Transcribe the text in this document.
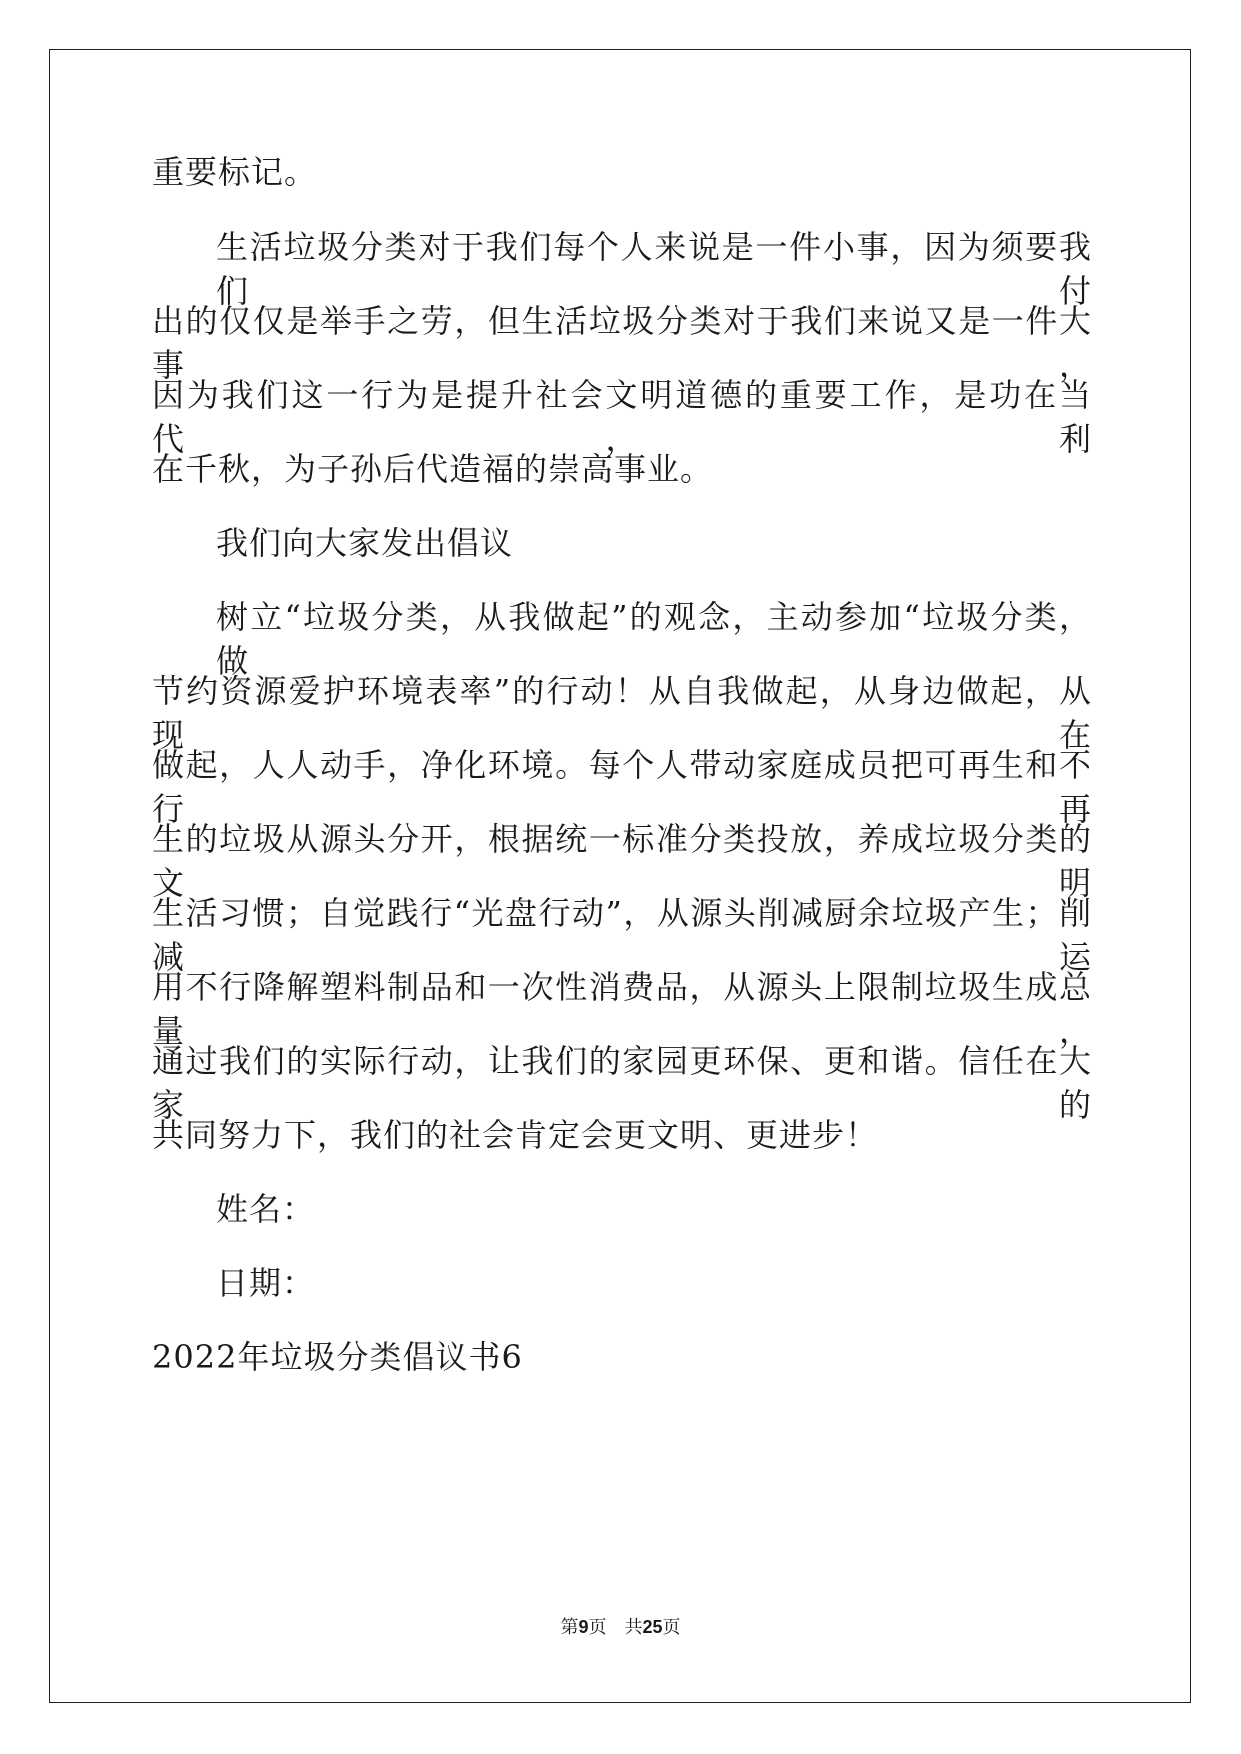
重要标记。
生活垃圾分类对于我们每个人来说是一件小事，因为须要我们付
出的仅仅是举手之劳，但生活垃圾分类对于我们来说又是一件大事，
因为我们这一行为是提升社会文明道德的重要工作，是功在当代，利
在千秋，为子孙后代造福的崇高事业。
我们向大家发出倡议
树立“垃圾分类，从我做起”的观念，主动参加“垃圾分类，做
节约资源爱护环境表率”的行动！从自我做起，从身边做起，从现在
做起，人人动手，净化环境。每个人带动家庭成员把可再生和不行再
生的垃圾从源头分开，根据统一标准分类投放，养成垃圾分类的文明
生活习惯；自觉践行“光盘行动”，从源头削减厨余垃圾产生；削减运
用不行降解塑料制品和一次性消费品，从源头上限制垃圾生成总量，
通过我们的实际行动，让我们的家园更环保、更和谐。信任在大家的
共同努力下，我们的社会肯定会更文明、更进步！
姓名：
日期：
2022年垃圾分类倡议书6
第9页　共25页
